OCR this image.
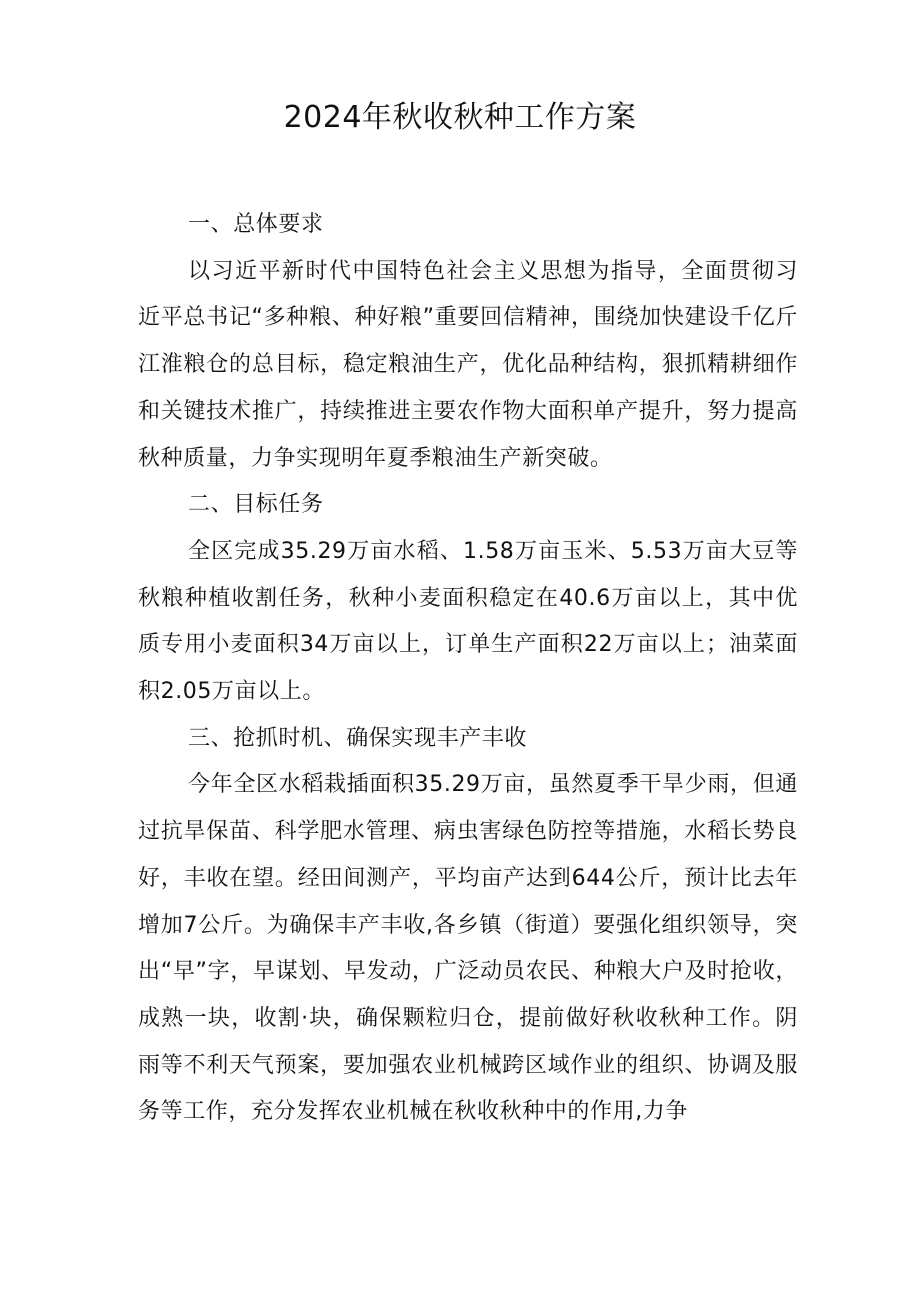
2024年秋收秋种工作方案

一、总体要求

以习近平新时代中国特色社会主义思想为指导，全面贯彻习近平总书记“多种粮、种好粮”重要回信精神，围绕加快建设千亿斤江淮粮仓的总目标，稳定粮油生产，优化品种结构，狠抓精耕细作和关键技术推广，持续推进主要农作物大面积单产提升，努力提高秋种质量，力争实现明年夏季粮油生产新突破。

二、目标任务

全区完成35.29万亩水稻、1.58万亩玉米、5.53万亩大豆等秋粮种植收割任务，秋种小麦面积稳定在40.6万亩以上，其中优质专用小麦面积34万亩以上，订单生产面积22万亩以上；油菜面积2.05万亩以上。

三、抢抓时机、确保实现丰产丰收

今年全区水稻栽插面积35.29万亩，虽然夏季干旱少雨，但通过抗旱保苗、科学肥水管理、病虫害绿色防控等措施，水稻长势良好，丰收在望。经田间测产，平均亩产达到644公斤，预计比去年增加7公斤。为确保丰产丰收,各乡镇（街道）要强化组织领导，突出“早”字，早谋划、早发动，广泛动员农民、种粮大户及时抢收，成熟一块，收割·块，确保颗粒归仓，提前做好秋收秋种工作。阴雨等不利天气预案，要加强农业机械跨区域作业的组织、协调及服务等工作，充分发挥农业机械在秋收秋种中的作用,力争
